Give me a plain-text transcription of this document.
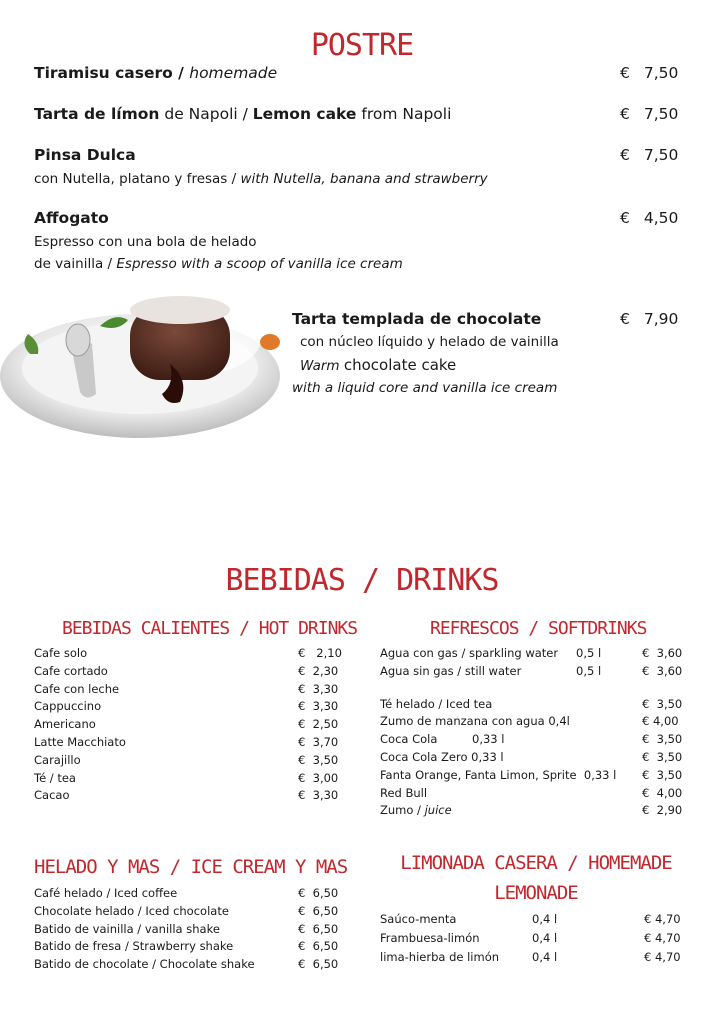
POSTRE
Tiramisu casero / homemade	€ 7,50
Tarta de límon de Napoli / Lemon cake from Napoli	€ 7,50
Pinsa Dulca
con Nutella, platano y fresas / with Nutella, banana and strawberry
€ 7,50
Affogato
Espresso con una bola de helado
de vainilla / Espresso with a scoop of vanilla ice cream
€ 4,50
Tarta templada de chocolate
con núcleo líquido y helado de vainilla
Warm chocolate cake
with a liquid core and vanilla ice cream
€ 7,90
BEBIDAS / DRINKS
BEBIDAS CALIENTES / HOT DRINKS
Cafe solo	€   2,10
Cafe cortado	€  2,30
Cafe con leche	€  3,30
Cappuccino	€  3,30
Americano	€  2,50
Latte Macchiato	€  3,70
Carajillo	€  3,50
Té / tea	€  3,00
Cacao	€  3,30
REFRESCOS / SOFTDRINKS
Agua con gas / sparkling water 0,5 l	€  3,60
Agua sin gas / still water	0,5 l	€  3,60
Té helado / Iced tea	€  3,50
Zumo de manzana con agua 0,4l	€ 4,00
Coca Cola	0,33 l	€  3,50
Coca Cola Zero 0,33 l	€  3,50
Fanta Orange, Fanta Limon, Sprite  0,33 l €  3,50
Red Bull	€  4,00
Zumo / juice	€  2,90
HELADO Y MAS / ICE CREAM Y MAS
Café helado / Iced coffee	€  6,50
Chocolate helado / Iced chocolate	€  6,50
Batido de vainilla / vanilla shake	€  6,50
Batido de fresa / Strawberry shake	€  6,50
Batido de chocolate / Chocolate shake	€  6,50
LIMONADA CASERA / HOMEMADE
LEMONADE
Saúco-menta	0,4 l	€ 4,70
Frambuesa-limón	0,4 l	€ 4,70
lima-hierba de limón	0,4 l	€ 4,70
